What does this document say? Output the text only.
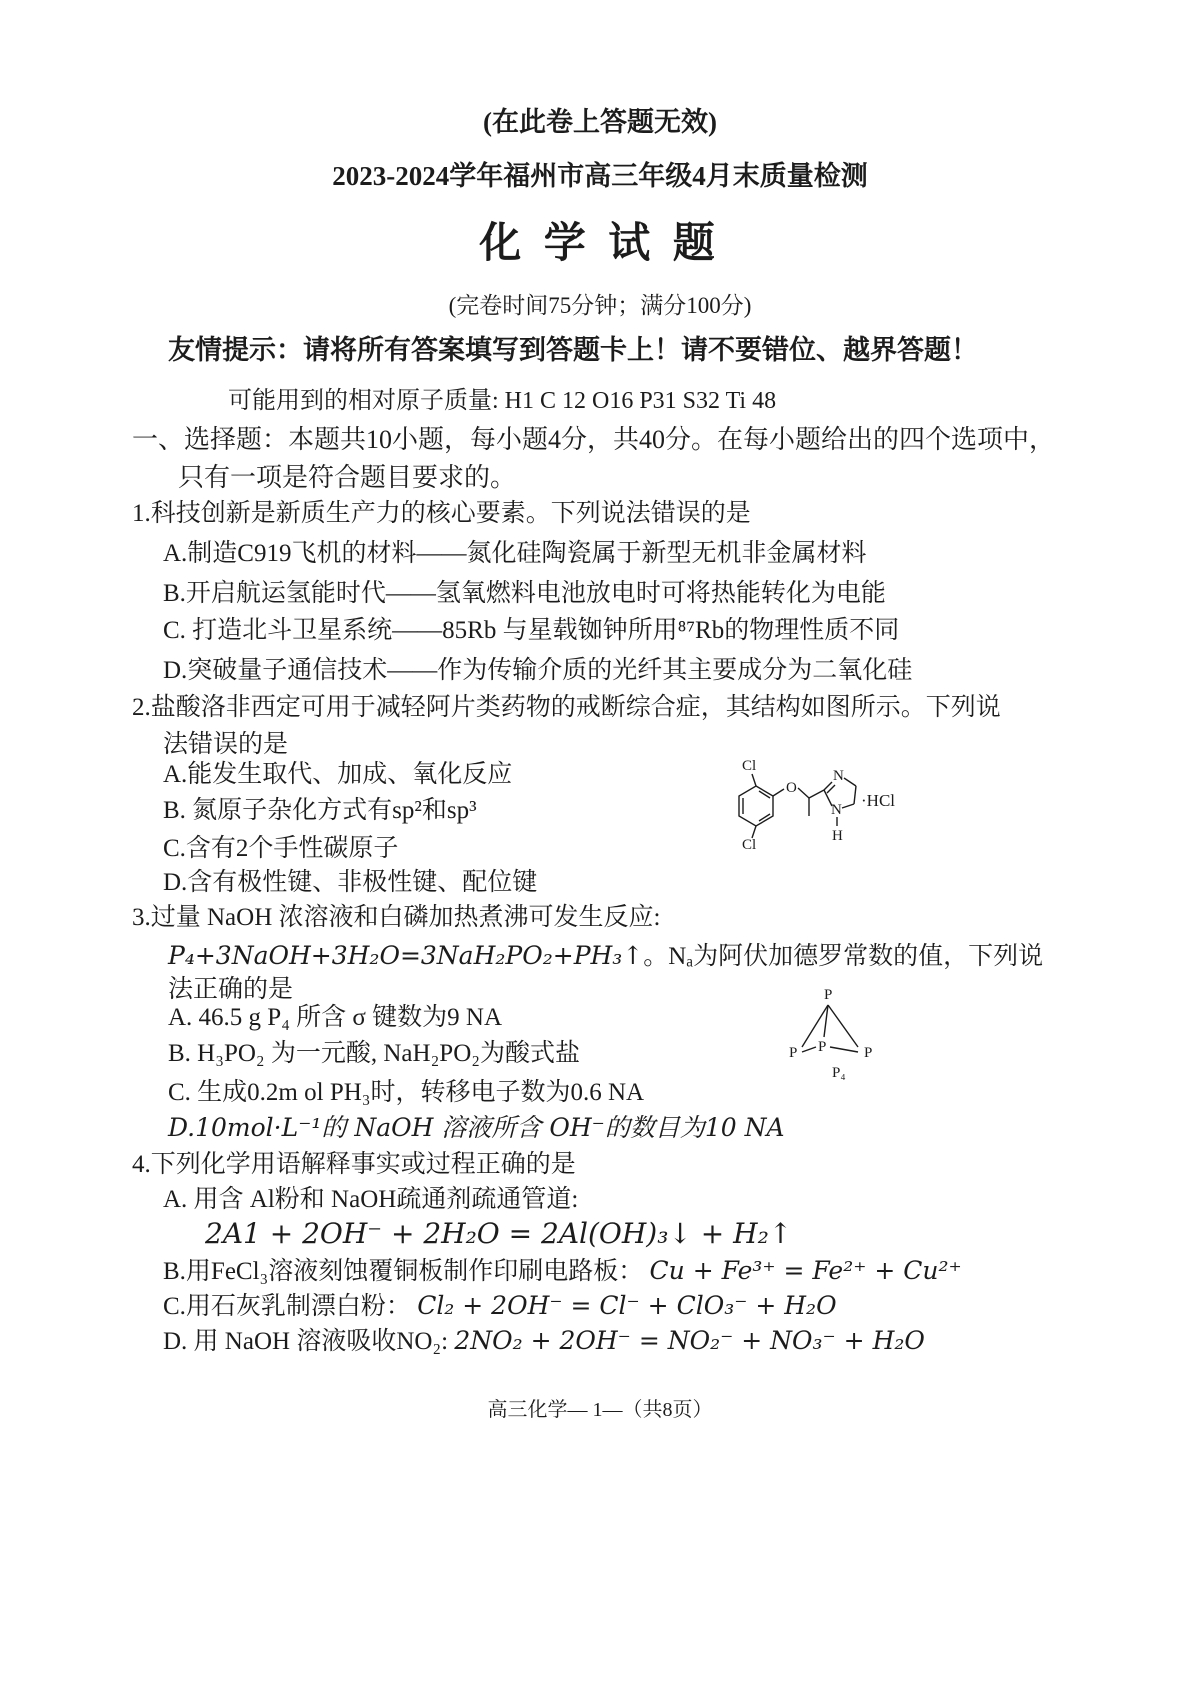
(在此卷上答题无效)
2023-2024学年福州市高三年级4月末质量检测
化 学 试 题
(完卷时间75分钟；满分100分)
友情提示：请将所有答案填写到答题卡上！请不要错位、越界答题！
可能用到的相对原子质量: H1 C 12 O16 P31 S32 Ti 48
一、选择题：本题共10小题，每小题4分，共40分。在每小题给出的四个选项中，
只有一项是符合题目要求的。
1.科技创新是新质生产力的核心要素。下列说法错误的是
A.制造C919飞机的材料——氮化硅陶瓷属于新型无机非金属材料
B.开启航运氢能时代——氢氧燃料电池放电时可将热能转化为电能
C. 打造北斗卫星系统——85Rb 与星载铷钟所用⁸⁷Rb的物理性质不同
D.突破量子通信技术——作为传输介质的光纤其主要成分为二氧化硅
2.盐酸洛非西定可用于减轻阿片类药物的戒断综合症，其结构如图所示。下列说
法错误的是
A.能发生取代、加成、氧化反应
B. 氮原子杂化方式有sp²和sp³
C.含有2个手性碳原子
D.含有极性键、非极性键、配位键
Cl
Cl
O
N
N
H
·HCl
3.过量 NaOH 浓溶液和白磷加热煮沸可发生反应:
P₄+3NaOH+3H₂O=3NaH₂PO₂+PH₃↑。Nₐ为阿伏加德罗常数的值，下列说
法正确的是
A. 46.5 g P₄ 所含 σ 键数为9 NA
B. H₃PO₂ 为一元酸, NaH₂PO₂为酸式盐
C. 生成0.2m ol PH₃时，转移电子数为0.6 NA
D.10mol·L⁻¹的 NaOH 溶液所含 OH⁻的数目为10 NA
P
P P	P
P₄
4.下列化学用语解释事实或过程正确的是
A. 用含 Al粉和 NaOH疏通剂疏通管道:
2A1 + 2OH⁻ + 2H₂O = 2Al(OH)₃↓ + H₂↑
B.用FeCl₃溶液刻蚀覆铜板制作印刷电路板： Cu + Fe³⁺ = Fe²⁺ + Cu²⁺
C.用石灰乳制漂白粉： Cl₂ + 2OH⁻ = Cl⁻ + ClO₃⁻ + H₂O
D. 用 NaOH 溶液吸收NO₂: 2NO₂ + 2OH⁻ = NO₂⁻ + NO₃⁻ + H₂O
高三化学— 1—（共8页）
